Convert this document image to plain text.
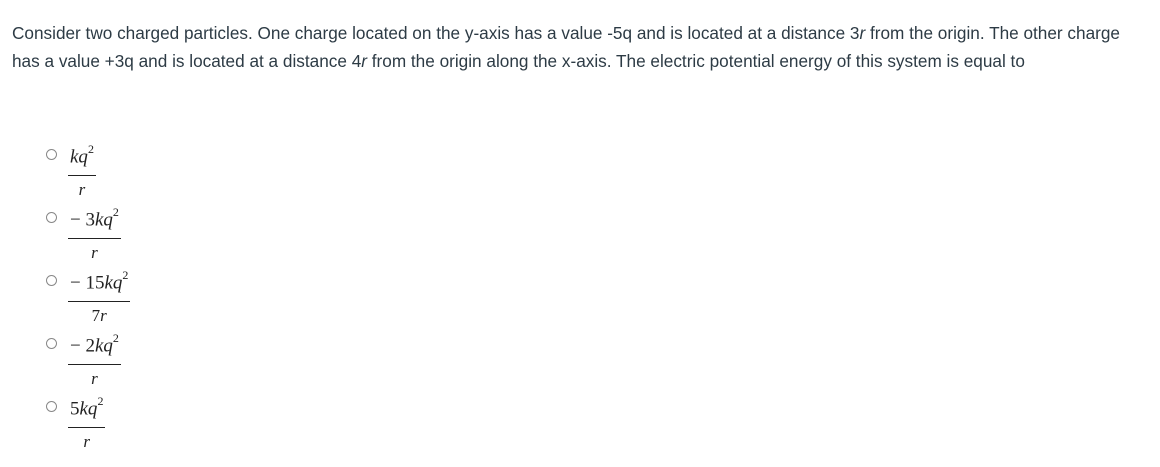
Consider two charged particles. One charge located on the y-axis has a value -5q and is located at a distance 3r from the origin. The other charge has a value +3q and is located at a distance 4r from the origin along the x-axis. The electric potential energy of this system is equal to

$kq^2$
r
− $3kq^2$
r
− $15kq^2$
7r
− $2kq^2$
r
$5kq^2$
r
